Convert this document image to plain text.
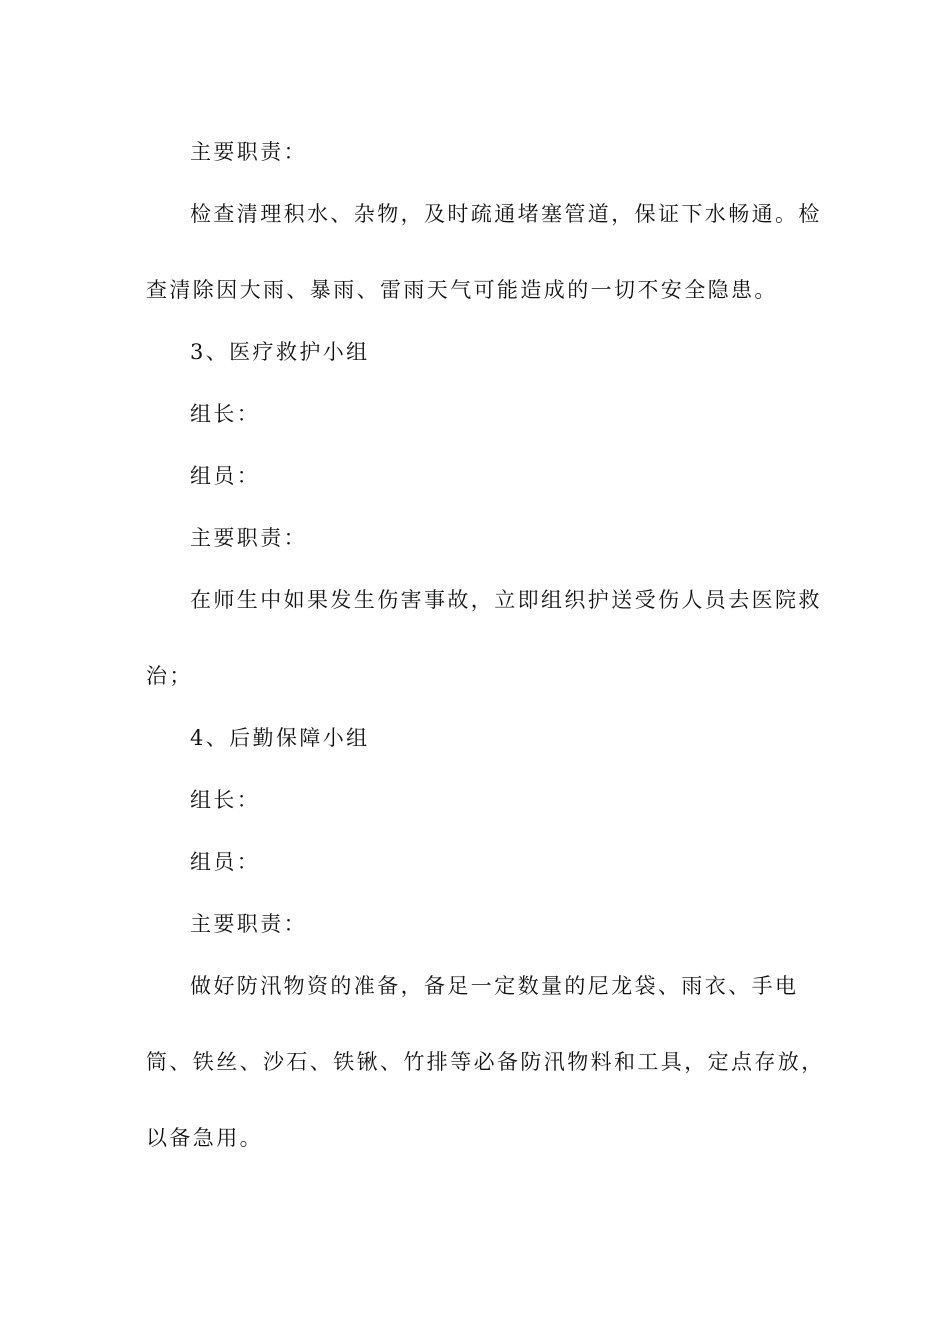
主要职责：
检查清理积水、杂物，及时疏通堵塞管道，保证下水畅通。检
查清除因大雨、暴雨、雷雨天气可能造成的一切不安全隐患。
3、医疗救护小组
组长：
组员：
主要职责：
在师生中如果发生伤害事故，立即组织护送受伤人员去医院救
治；
4、后勤保障小组
组长：
组员：
主要职责：
做好防汛物资的准备，备足一定数量的尼龙袋、雨衣、手电
筒、铁丝、沙石、铁锹、竹排等必备防汛物料和工具，定点存放，
以备急用。
